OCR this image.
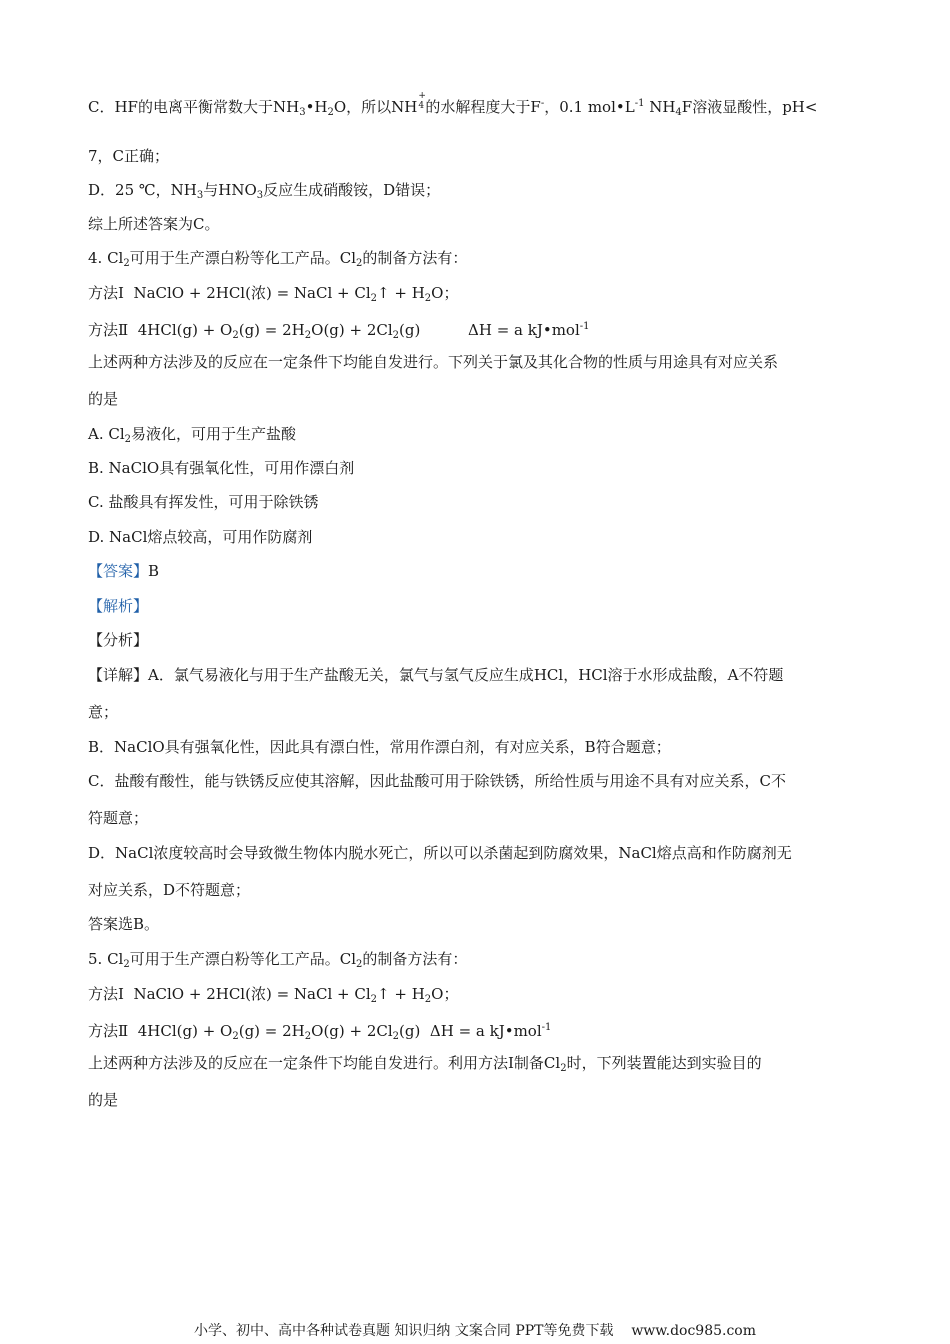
C．HF的电离平衡常数大于$NH_3•H_2O$，所以NH
+
4 的水解程度大于F-，0.1 $mol•L^{-1}$ $NH_4F$溶液显酸性，pH<
7，C正确；
D．25 ℃，$NH_3$与$HNO_3$反应生成硝酸铵，D错误；
综上所述答案为C。
4. $Cl_2$可用于生产漂白粉等化工产品。$Cl_2$的制备方法有：
方法Ⅰ  NaClO + 2HCl(浓) = NaCl + $Cl_2↑ + H_2O$；
方法Ⅱ  $4HCl(g) + O_2(g) = 2H_2O(g) + 2Cl_2(g)$          ΔH = a kJ•mol$^{-1}$
上述两种方法涉及的反应在一定条件下均能自发进行。下列关于氯及其化合物的性质与用途具有对应关系
的是
A. $Cl_2$易液化，可用于生产盐酸
B. NaClO具有强氧化性，可用作漂白剂
C. 盐酸具有挥发性，可用于除铁锈
D. NaCl熔点较高，可用作防腐剂
【答案】B
【解析】
【分析】
【详解】A．氯气易液化与用于生产盐酸无关，氯气与氢气反应生成HCl，HCl溶于水形成盐酸，A不符题
意；
B．NaClO具有强氧化性，因此具有漂白性，常用作漂白剂，有对应关系，B符合题意；
C．盐酸有酸性，能与铁锈反应使其溶解，因此盐酸可用于除铁锈，所给性质与用途不具有对应关系，C不
符题意；
D．NaCl浓度较高时会导致微生物体内脱水死亡，所以可以杀菌起到防腐效果，NaCl熔点高和作防腐剂无
对应关系，D不符题意；
答案选B。
5. $Cl_2$可用于生产漂白粉等化工产品。$Cl_2$的制备方法有：
方法Ⅰ  NaClO + 2HCl(浓) = NaCl + $Cl_2↑ + H_2O$；
方法Ⅱ  $4HCl(g) + O_2(g) = 2H_2O(g) + 2Cl_2(g) \Delta H = a$ kJ•mol$^{-1}$
上述两种方法涉及的反应在一定条件下均能自发进行。利用方法Ⅰ制备$Cl_2$时，下列装置能达到实验目的
的是
小学、初中、高中各种试卷真题 知识归纳 文案合同 PPT等免费下载 www.doc985.com
